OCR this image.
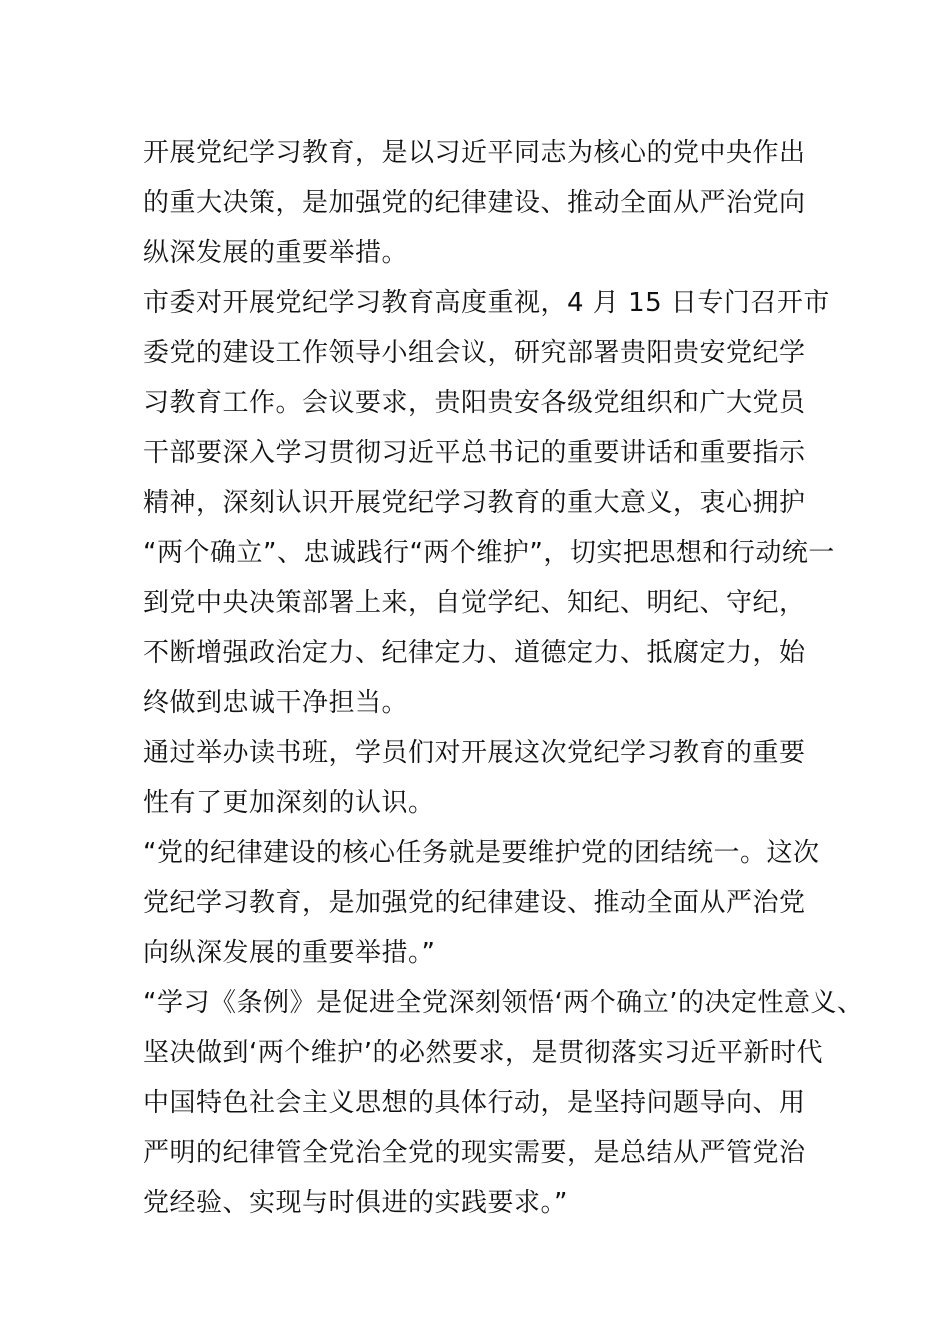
开展党纪学习教育，是以习近平同志为核心的党中央作出
的重大决策，是加强党的纪律建设、推动全面从严治党向
纵深发展的重要举措。
市委对开展党纪学习教育高度重视，4 月 15 日专门召开市
委党的建设工作领导小组会议，研究部署贵阳贵安党纪学
习教育工作。会议要求，贵阳贵安各级党组织和广大党员
干部要深入学习贯彻习近平总书记的重要讲话和重要指示
精神，深刻认识开展党纪学习教育的重大意义，衷心拥护
“两个确立”、忠诚践行“两个维护”，切实把思想和行动统一
到党中央决策部署上来，自觉学纪、知纪、明纪、守纪，
不断增强政治定力、纪律定力、道德定力、抵腐定力，始
终做到忠诚干净担当。
通过举办读书班，学员们对开展这次党纪学习教育的重要
性有了更加深刻的认识。
“党的纪律建设的核心任务就是要维护党的团结统一。这次
党纪学习教育，是加强党的纪律建设、推动全面从严治党
向纵深发展的重要举措。”
“学习《条例》是促进全党深刻领悟‘两个确立’的决定性意义、
坚决做到‘两个维护’的必然要求，是贯彻落实习近平新时代
中国特色社会主义思想的具体行动，是坚持问题导向、用
严明的纪律管全党治全党的现实需要，是总结从严管党治
党经验、实现与时俱进的实践要求。”
